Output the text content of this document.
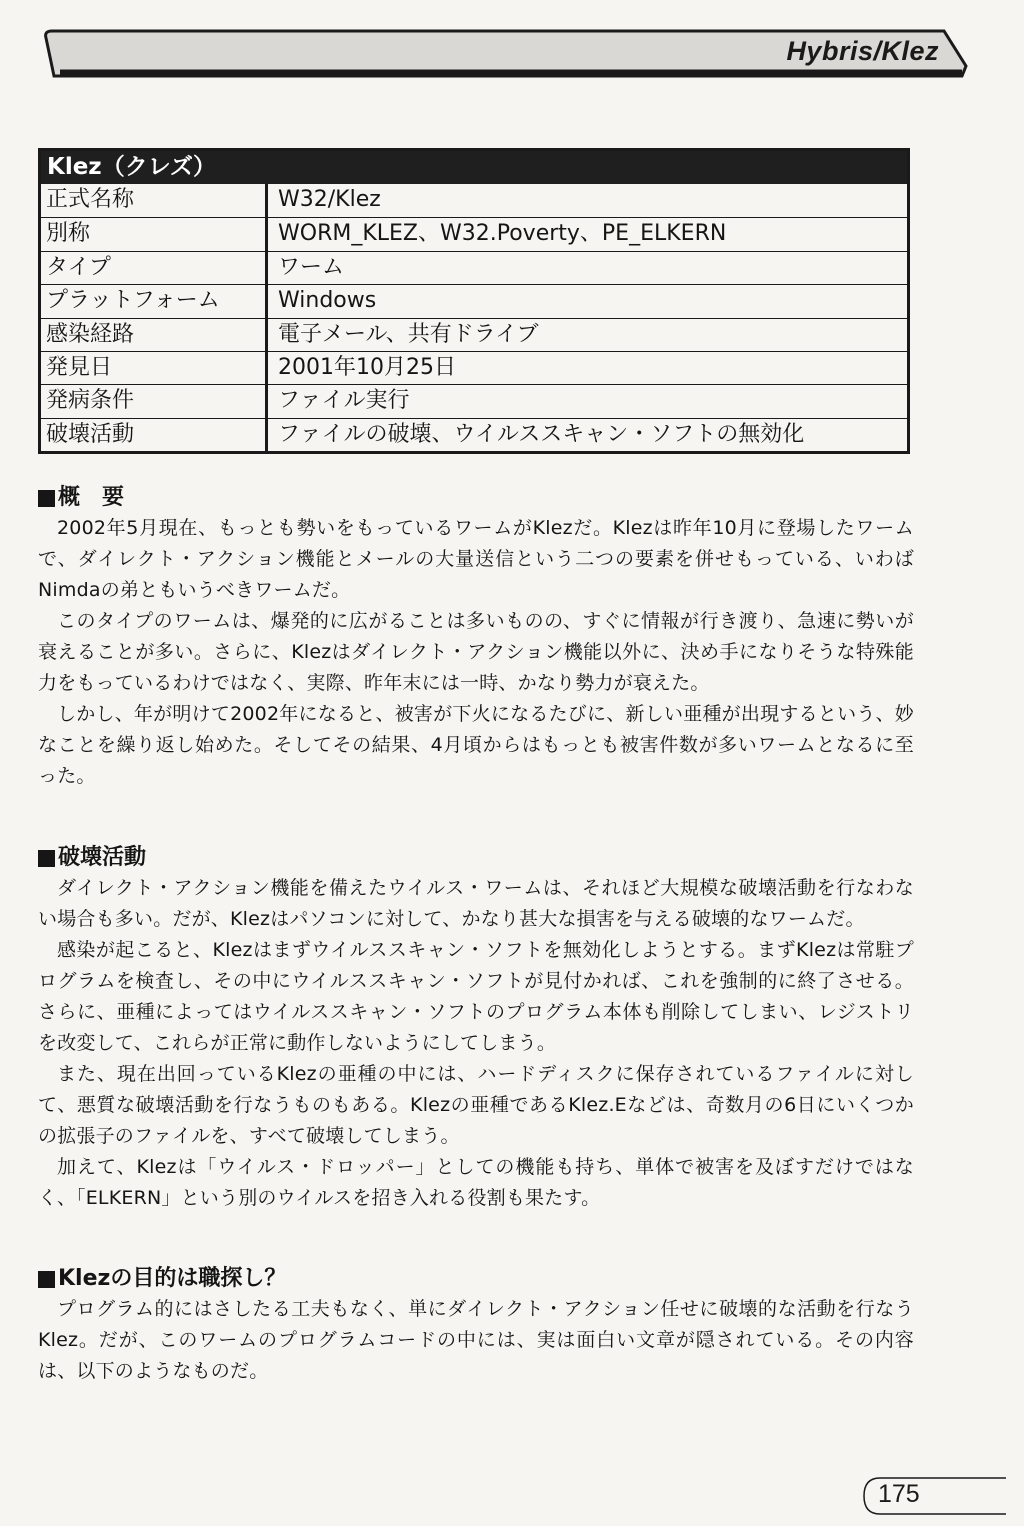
Hybris/Klez
Klez（クレズ）
正式名称	W32/Klez
別称	WORM_KLEZ、W32.Poverty、PE_ELKERN
タイプ	ワーム
プラットフォーム	Windows
感染経路	電子メール、共有ドライブ
発見日	2001年10月25日
発病条件	ファイル実行
破壊活動	ファイルの破壊、ウイルススキャン・ソフトの無効化
概　要

2002年5月現在、もっとも勢いをもっているワームがKlezだ。Klezは昨年10月に登場したワームで、ダイレクト・アクション機能とメールの大量送信という二つの要素を併せもっている、いわばNimdaの弟ともいうべきワームだ。

このタイプのワームは、爆発的に広がることは多いものの、すぐに情報が行き渡り、急速に勢いが衰えることが多い。さらに、Klezはダイレクト・アクション機能以外に、決め手になりそうな特殊能力をもっているわけではなく、実際、昨年末には一時、かなり勢力が衰えた。

しかし、年が明けて2002年になると、被害が下火になるたびに、新しい亜種が出現するという、妙なことを繰り返し始めた。そしてその結果、4月頃からはもっとも被害件数が多いワームとなるに至った。

破壊活動

ダイレクト・アクション機能を備えたウイルス・ワームは、それほど大規模な破壊活動を行なわない場合も多い。だが、Klezはパソコンに対して、かなり甚大な損害を与える破壊的なワームだ。

感染が起こると、Klezはまずウイルススキャン・ソフトを無効化しようとする。まずKlezは常駐プログラムを検査し、その中にウイルススキャン・ソフトが見付かれば、これを強制的に終了させる。さらに、亜種によってはウイルススキャン・ソフトのプログラム本体も削除してしまい、レジストリを改変して、これらが正常に動作しないようにしてしまう。

また、現在出回っているKlezの亜種の中には、ハードディスクに保存されているファイルに対して、悪質な破壊活動を行なうものもある。Klezの亜種であるKlez.Eなどは、奇数月の6日にいくつかの拡張子のファイルを、すべて破壊してしまう。

加えて、Klezは「ウイルス・ドロッパー」としての機能も持ち、単体で被害を及ぼすだけではなく、「ELKERN」という別のウイルスを招き入れる役割も果たす。

Klezの目的は職探し？

プログラム的にはさしたる工夫もなく、単にダイレクト・アクション任せに破壊的な活動を行なうKlez。だが、このワームのプログラムコードの中には、実は面白い文章が隠されている。その内容は、以下のようなものだ。

175
